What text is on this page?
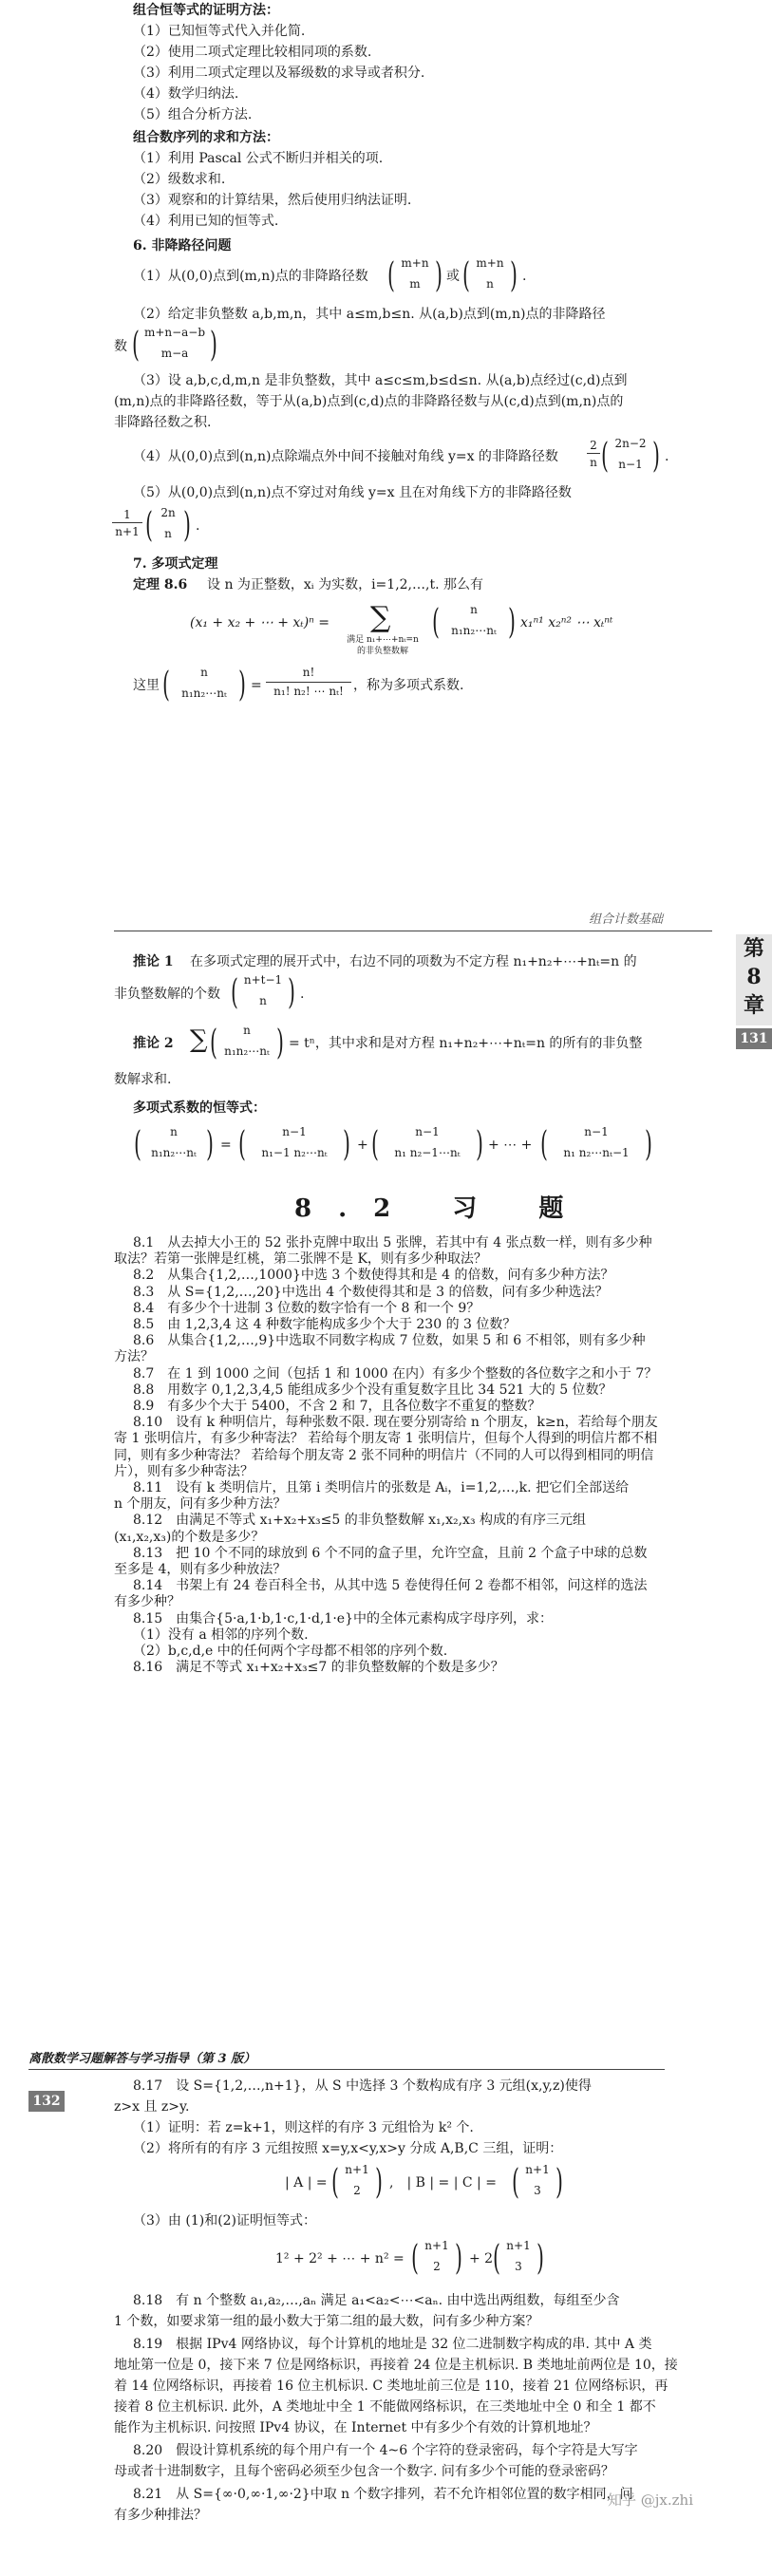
组合恒等式的证明方法：
（1）已知恒等式代入并化简.
（2）使用二项式定理比较相同项的系数.
（3）利用二项式定理以及幂级数的求导或者积分.
（4）数学归纳法.
（5）组合分析方法.
组合数序列的求和方法：
（1）利用 Pascal 公式不断归并相关的项.
（2）级数求和.
（3）观察和的计算结果，然后使用归纳法证明.
（4）利用已知的恒等式.
6. 非降路径问题
（1）从(0,0)点到(m,n)点的非降路径数 ( m+n
m ) 或 ( m+n
n ) .
（2）给定非负整数 a,b,m,n，其中 a≤m,b≤n. 从(a,b)点到(m,n)点的非降路径
数 ( m+n−a−b
m−a )
（3）设 a,b,c,d,m,n 是非负整数，其中 a≤c≤m,b≤d≤n. 从(a,b)点经过(c,d)点到
(m,n)点的非降路径数，等于从(a,b)点到(c,d)点的非降路径数与从(c,d)点到(m,n)点的
非降路径数之积.
（4）从(0,0)点到(n,n)点除端点外中间不接触对角线 y=x 的非降路径数
2
n ( 2n−2
n−1 ) .
（5）从(0,0)点到(n,n)点不穿过对角线 y=x 且在对角线下方的非降路径数
1
n+1 ( 2n
n ) .
7. 多项式定理
定理 8.6 设 n 为正整数，xᵢ 为实数，i=1,2,…,t. 那么有
(x₁ + x₂ + ⋯ + xₜ)ⁿ = ∑
满足 n₁+⋯+nₜ=n
的非负整数解
(	n
n₁n₂⋯nₜ ) x₁ⁿ¹ x₂ⁿ² ⋯ xₜⁿᵗ
这里 (	n
n₁n₂⋯nₜ ) =
n!
n₁! n₂! ⋯ nₜ! ，称为多项式系数.
组合计数基础
第
8
章
131
推论 1 在多项式定理的展开式中，右边不同的项数为不定方程 n₁+n₂+⋯+nₜ=n 的
非负整数解的个数 ( n+t−1
n ) .
推论 2 ∑ (	n
n₁n₂⋯nₜ ) = tⁿ，其中求和是对方程 n₁+n₂+⋯+nₜ=n 的所有的非负整
数解求和.
多项式系数的恒等式：
(	n
n₁n₂⋯nₜ ) = (	n−1
n₁−1 n₂⋯nₜ ) + (	n−1
n₁ n₂−1⋯nₜ ) + ⋯ + (	n−1
n₁ n₂⋯nₜ−1 )
8.2 习 题
8.1　从去掉大小王的 52 张扑克牌中取出 5 张牌，若其中有 4 张点数一样，则有多少种
取法？若第一张牌是红桃，第二张牌不是 K，则有多少种取法？
8.2　从集合{1,2,…,1000}中选 3 个数使得其和是 4 的倍数，问有多少种方法？
8.3　从 S={1,2,…,20}中选出 4 个数使得其和是 3 的倍数，问有多少种选法？
8.4　有多少个十进制 3 位数的数字恰有一个 8 和一个 9？
8.5　由 1,2,3,4 这 4 种数字能构成多少个大于 230 的 3 位数？
8.6　从集合{1,2,…,9}中选取不同数字构成 7 位数，如果 5 和 6 不相邻，则有多少种
方法？
8.7　在 1 到 1000 之间（包括 1 和 1000 在内）有多少个整数的各位数字之和小于 7？
8.8　用数字 0,1,2,3,4,5 能组成多少个没有重复数字且比 34 521 大的 5 位数？
8.9　有多少个大于 5400，不含 2 和 7，且各位数字不重复的整数？
8.10　设有 k 种明信片，每种张数不限. 现在要分别寄给 n 个朋友，k≥n，若给每个朋友
寄 1 张明信片，有多少种寄法？ 若给每个朋友寄 1 张明信片，但每个人得到的明信片都不相
同，则有多少种寄法？ 若给每个朋友寄 2 张不同种的明信片（不同的人可以得到相同的明信
片），则有多少种寄法？
8.11　设有 k 类明信片，且第 i 类明信片的张数是 Aᵢ，i=1,2,…,k. 把它们全部送给
n 个朋友，问有多少种方法？
8.12　由满足不等式 x₁+x₂+x₃≤5 的非负整数解 x₁,x₂,x₃ 构成的有序三元组
(x₁,x₂,x₃)的个数是多少？
8.13　把 10 个不同的球放到 6 个不同的盒子里，允许空盒，且前 2 个盒子中球的总数
至多是 4，则有多少种放法？
8.14　书架上有 24 卷百科全书，从其中选 5 卷使得任何 2 卷都不相邻，问这样的选法
有多少种？
8.15　由集合{5·a,1·b,1·c,1·d,1·e}中的全体元素构成字母序列，求：
（1）没有 a 相邻的序列个数.
（2）b,c,d,e 中的任何两个字母都不相邻的序列个数.
8.16　满足不等式 x₁+x₂+x₃≤7 的非负整数解的个数是多少？
离散数学习题解答与学习指导（第 3 版）
132
8.17　设 S={1,2,…,n+1}，从 S 中选择 3 个数构成有序 3 元组(x,y,z)使得
z>x 且 z>y.
（1）证明：若 z=k+1，则这样的有序 3 元组恰为 k² 个.
（2）将所有的有序 3 元组按照 x=y,x<y,x>y 分成 A,B,C 三组，证明：
| A | = ( n+1
2 ) ,　| B | = | C | = ( n+1
3 )
（3）由 (1)和(2)证明恒等式：
1² + 2² + ⋯ + n² = ( n+1
2 ) + 2 ( n+1
3 )
8.18　有 n 个整数 a₁,a₂,…,aₙ 满足 a₁<a₂<⋯<aₙ. 由中选出两组数，每组至少含
1 个数，如要求第一组的最小数大于第二组的最大数，问有多少种方案？
8.19　根据 IPv4 网络协议，每个计算机的地址是 32 位二进制数字构成的串. 其中 A 类
地址第一位是 0，接下来 7 位是网络标识，再接着 24 位是主机标识. B 类地址前两位是 10，接
着 14 位网络标识，再接着 16 位主机标识. C 类地址前三位是 110，接着 21 位网络标识，再
接着 8 位主机标识. 此外，A 类地址中全 1 不能做网络标识，在三类地址中全 0 和全 1 都不
能作为主机标识. 问按照 IPv4 协议，在 Internet 中有多少个有效的计算机地址？
8.20　假设计算机系统的每个用户有一个 4~6 个字符的登录密码，每个字符是大写字
母或者十进制数字，且每个密码必须至少包含一个数字. 问有多少个可能的登录密码？
8.21　从 S={∞·0,∞·1,∞·2}中取 n 个数字排列，若不允许相邻位置的数字相同，问
有多少种排法？
知乎 @jx.zhi
